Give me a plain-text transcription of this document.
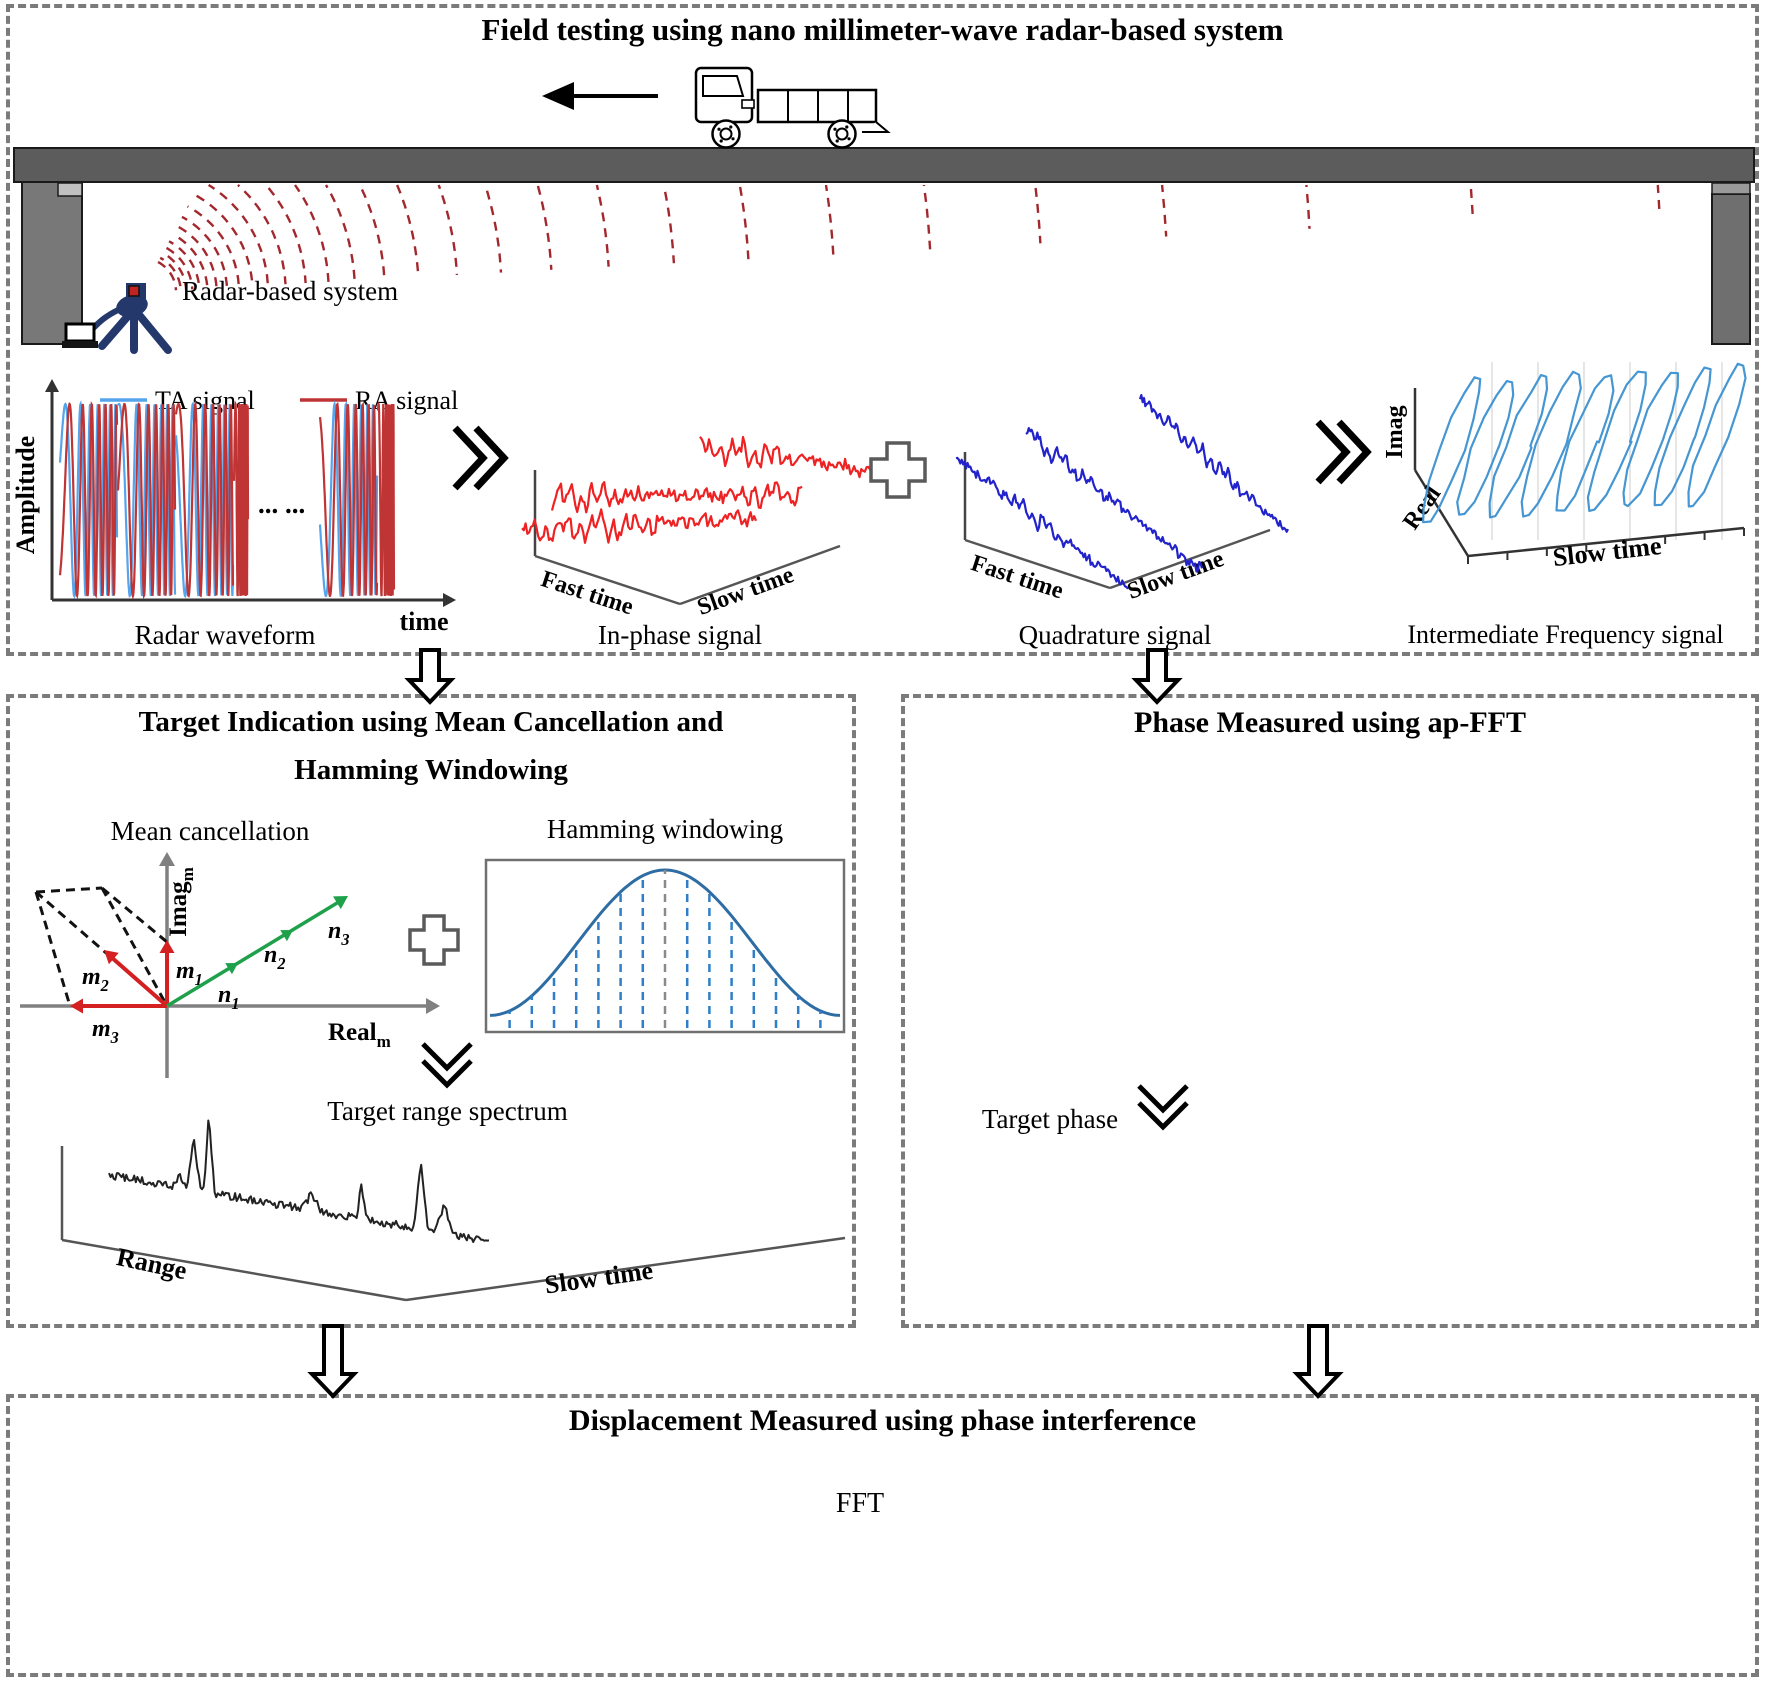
Field testing using nano millimeter-wave radar-based system
Radar-based system
Radar waveform	In-phase signal	Quadrature signal	Intermediate Frequency signal
Target Indication using Mean Cancellation and
Hamming Windowing
Mean cancellation	Hamming windowing
Target range spectrum
Phase Measured using ap-FFT
Target phase
Displacement Measured using phase interference
FFT
Amplitude
time
TA signal	RA signal
... ...
Fast time Slow time	Fast time Slow time
Imag
Real
Slow time
Imag$_m$
Real$_m$
$m_1$
$m_2$
$m_3$
$n_1$
$n_2$
$n_3$
Range	Slow time
